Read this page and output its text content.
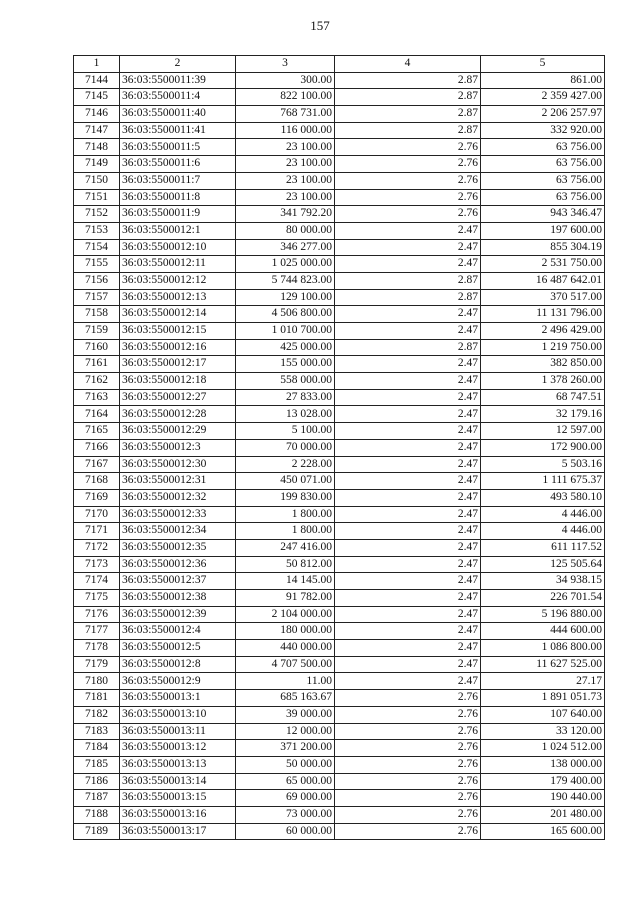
157
1	2	3	4	5
7144	36:03:5500011:39	300.00	2.87	861.00
7145	36:03:5500011:4	822 100.00	2.87	2 359 427.00
7146	36:03:5500011:40	768 731.00	2.87	2 206 257.97
7147	36:03:5500011:41	116 000.00	2.87	332 920.00
7148	36:03:5500011:5	23 100.00	2.76	63 756.00
7149	36:03:5500011:6	23 100.00	2.76	63 756.00
7150	36:03:5500011:7	23 100.00	2.76	63 756.00
7151	36:03:5500011:8	23 100.00	2.76	63 756.00
7152	36:03:5500011:9	341 792.20	2.76	943 346.47
7153	36:03:5500012:1	80 000.00	2.47	197 600.00
7154	36:03:5500012:10	346 277.00	2.47	855 304.19
7155	36:03:5500012:11	1 025 000.00	2.47	2 531 750.00
7156	36:03:5500012:12	5 744 823.00	2.87	16 487 642.01
7157	36:03:5500012:13	129 100.00	2.87	370 517.00
7158	36:03:5500012:14	4 506 800.00	2.47	11 131 796.00
7159	36:03:5500012:15	1 010 700.00	2.47	2 496 429.00
7160	36:03:5500012:16	425 000.00	2.87	1 219 750.00
7161	36:03:5500012:17	155 000.00	2.47	382 850.00
7162	36:03:5500012:18	558 000.00	2.47	1 378 260.00
7163	36:03:5500012:27	27 833.00	2.47	68 747.51
7164	36:03:5500012:28	13 028.00	2.47	32 179.16
7165	36:03:5500012:29	5 100.00	2.47	12 597.00
7166	36:03:5500012:3	70 000.00	2.47	172 900.00
7167	36:03:5500012:30	2 228.00	2.47	5 503.16
7168	36:03:5500012:31	450 071.00	2.47	1 111 675.37
7169	36:03:5500012:32	199 830.00	2.47	493 580.10
7170	36:03:5500012:33	1 800.00	2.47	4 446.00
7171	36:03:5500012:34	1 800.00	2.47	4 446.00
7172	36:03:5500012:35	247 416.00	2.47	611 117.52
7173	36:03:5500012:36	50 812.00	2.47	125 505.64
7174	36:03:5500012:37	14 145.00	2.47	34 938.15
7175	36:03:5500012:38	91 782.00	2.47	226 701.54
7176	36:03:5500012:39	2 104 000.00	2.47	5 196 880.00
7177	36:03:5500012:4	180 000.00	2.47	444 600.00
7178	36:03:5500012:5	440 000.00	2.47	1 086 800.00
7179	36:03:5500012:8	4 707 500.00	2.47	11 627 525.00
7180	36:03:5500012:9	11.00	2.47	27.17
7181	36:03:5500013:1	685 163.67	2.76	1 891 051.73
7182	36:03:5500013:10	39 000.00	2.76	107 640.00
7183	36:03:5500013:11	12 000.00	2.76	33 120.00
7184	36:03:5500013:12	371 200.00	2.76	1 024 512.00
7185	36:03:5500013:13	50 000.00	2.76	138 000.00
7186	36:03:5500013:14	65 000.00	2.76	179 400.00
7187	36:03:5500013:15	69 000.00	2.76	190 440.00
7188	36:03:5500013:16	73 000.00	2.76	201 480.00
7189	36:03:5500013:17	60 000.00	2.76	165 600.00
